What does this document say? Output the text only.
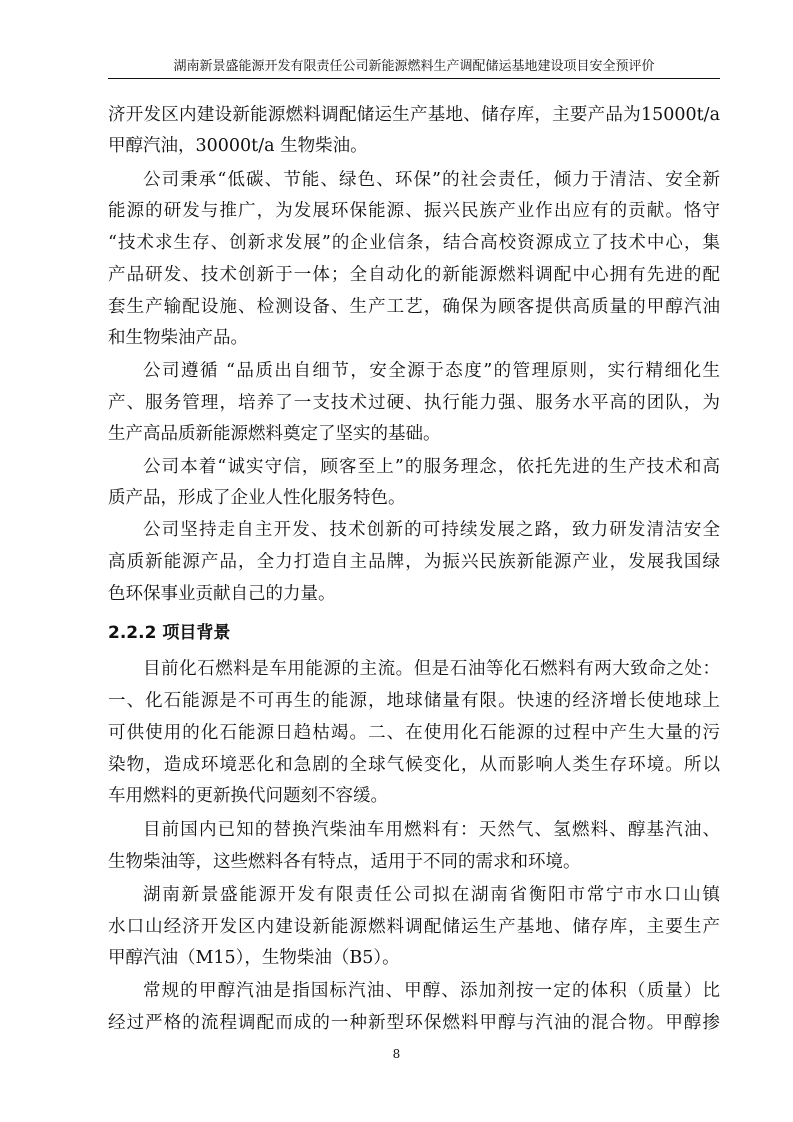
湖南新景盛能源开发有限责任公司新能源燃料生产调配储运基地建设项目安全预评价
济开发区内建设新能源燃料调配储运生产基地、储存库，主要产品为15000t/a
甲醇汽油，30000t/a 生物柴油。
公司秉承“低碳、节能、绿色、环保”的社会责任，倾力于清洁、安全新
能源的研发与推广，为发展环保能源、振兴民族产业作出应有的贡献。恪守
“技术求生存、创新求发展”的企业信条，结合高校资源成立了技术中心，集
产品研发、技术创新于一体；全自动化的新能源燃料调配中心拥有先进的配
套生产输配设施、检测设备、生产工艺，确保为顾客提供高质量的甲醇汽油
和生物柴油产品。
公司遵循 “品质出自细节，安全源于态度”的管理原则，实行精细化生
产、服务管理，培养了一支技术过硬、执行能力强、服务水平高的团队，为
生产高品质新能源燃料奠定了坚实的基础。
公司本着“诚实守信，顾客至上”的服务理念，依托先进的生产技术和高
质产品，形成了企业人性化服务特色。
公司坚持走自主开发、技术创新的可持续发展之路，致力研发清洁安全
高质新能源产品，全力打造自主品牌，为振兴民族新能源产业，发展我国绿
色环保事业贡献自己的力量。
2.2.2 项目背景
目前化石燃料是车用能源的主流。但是石油等化石燃料有两大致命之处：
一、化石能源是不可再生的能源，地球储量有限。快速的经济增长使地球上
可供使用的化石能源日趋枯竭。二、在使用化石能源的过程中产生大量的污
染物，造成环境恶化和急剧的全球气候变化，从而影响人类生存环境。所以
车用燃料的更新换代问题刻不容缓。
目前国内已知的替换汽柴油车用燃料有：天然气、氢燃料、醇基汽油、
生物柴油等，这些燃料各有特点，适用于不同的需求和环境。
湖南新景盛能源开发有限责任公司拟在湖南省衡阳市常宁市水口山镇
水口山经济开发区内建设新能源燃料调配储运生产基地、储存库，主要生产
甲醇汽油（M15），生物柴油（B5）。
常规的甲醇汽油是指国标汽油、甲醇、添加剂按一定的体积（质量）比
经过严格的流程调配而成的一种新型环保燃料甲醇与汽油的混合物。甲醇掺
8
